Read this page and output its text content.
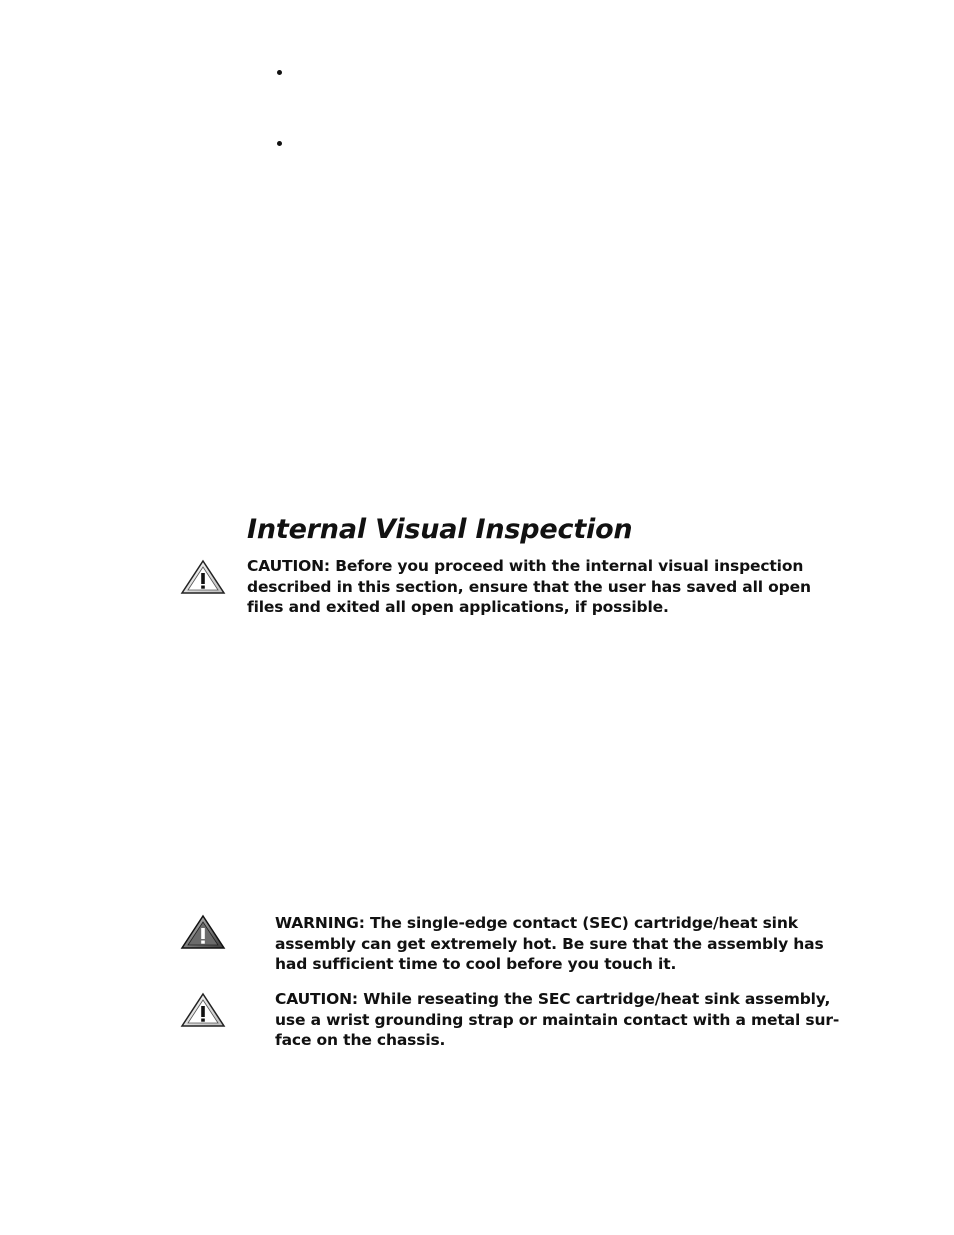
Internal Visual Inspection

CAUTION: Before you proceed with the internal visual inspection
described in this section, ensure that the user has saved all open
files and exited all open applications, if possible.

WARNING: The single-edge contact (SEC) cartridge/heat sink
assembly can get extremely hot. Be sure that the assembly has
had sufficient time to cool before you touch it.

CAUTION: While reseating the SEC cartridge/heat sink assembly,
use a wrist grounding strap or maintain contact with a metal sur-
face on the chassis.
